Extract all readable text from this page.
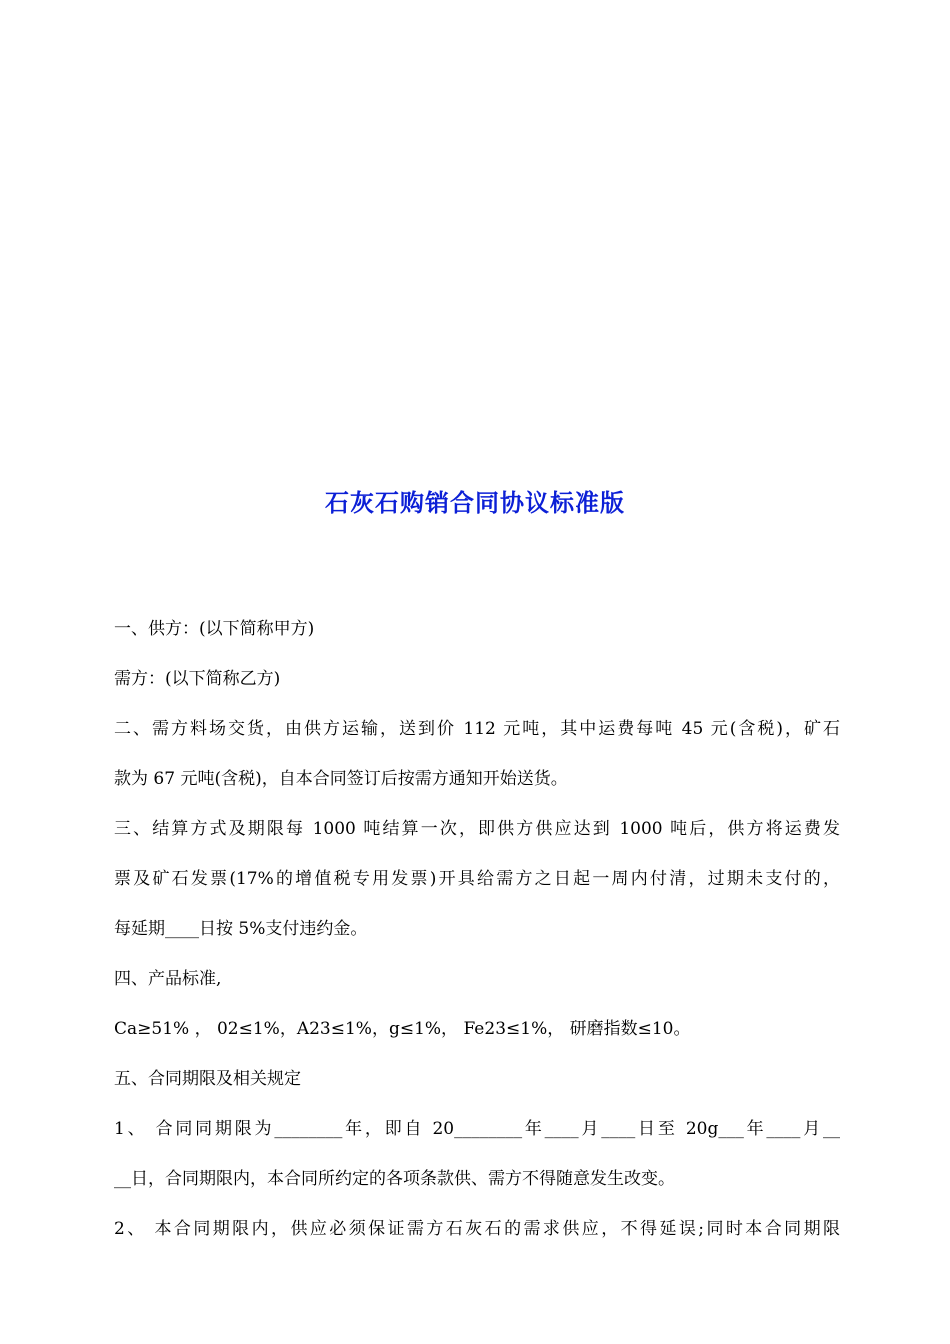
石灰石购销合同协议标准版
一、供方：(以下简称甲方)
需方：(以下简称乙方)
二、需方料场交货，由供方运输，送到价 112 元吨，其中运费每吨 45 元(含税)，矿石
款为 67 元吨(含税)，自本合同签订后按需方通知开始送货。
三、结算方式及期限每 1000 吨结算一次，即供方供应达到 1000 吨后，供方将运费发
票及矿石发票(17%的增值税专用发票)开具给需方之日起一周内付清，过期未支付的，
每延期____日按 5%支付违约金。
四、产品标准,
Ca≥51% ， 02≤1%，A23≤1%，g≤1%， Fe23≤1%， 研磨指数≤10。
五、合同期限及相关规定
1、 合同同期限为________年，即自 20________年____月____日至 20g___年____月__
__日，合同期限内，本合同所约定的各项条款供、需方不得随意发生改变。
2、 本合同期限内，供应必须保证需方石灰石的需求供应，不得延误;同时本合同期限
